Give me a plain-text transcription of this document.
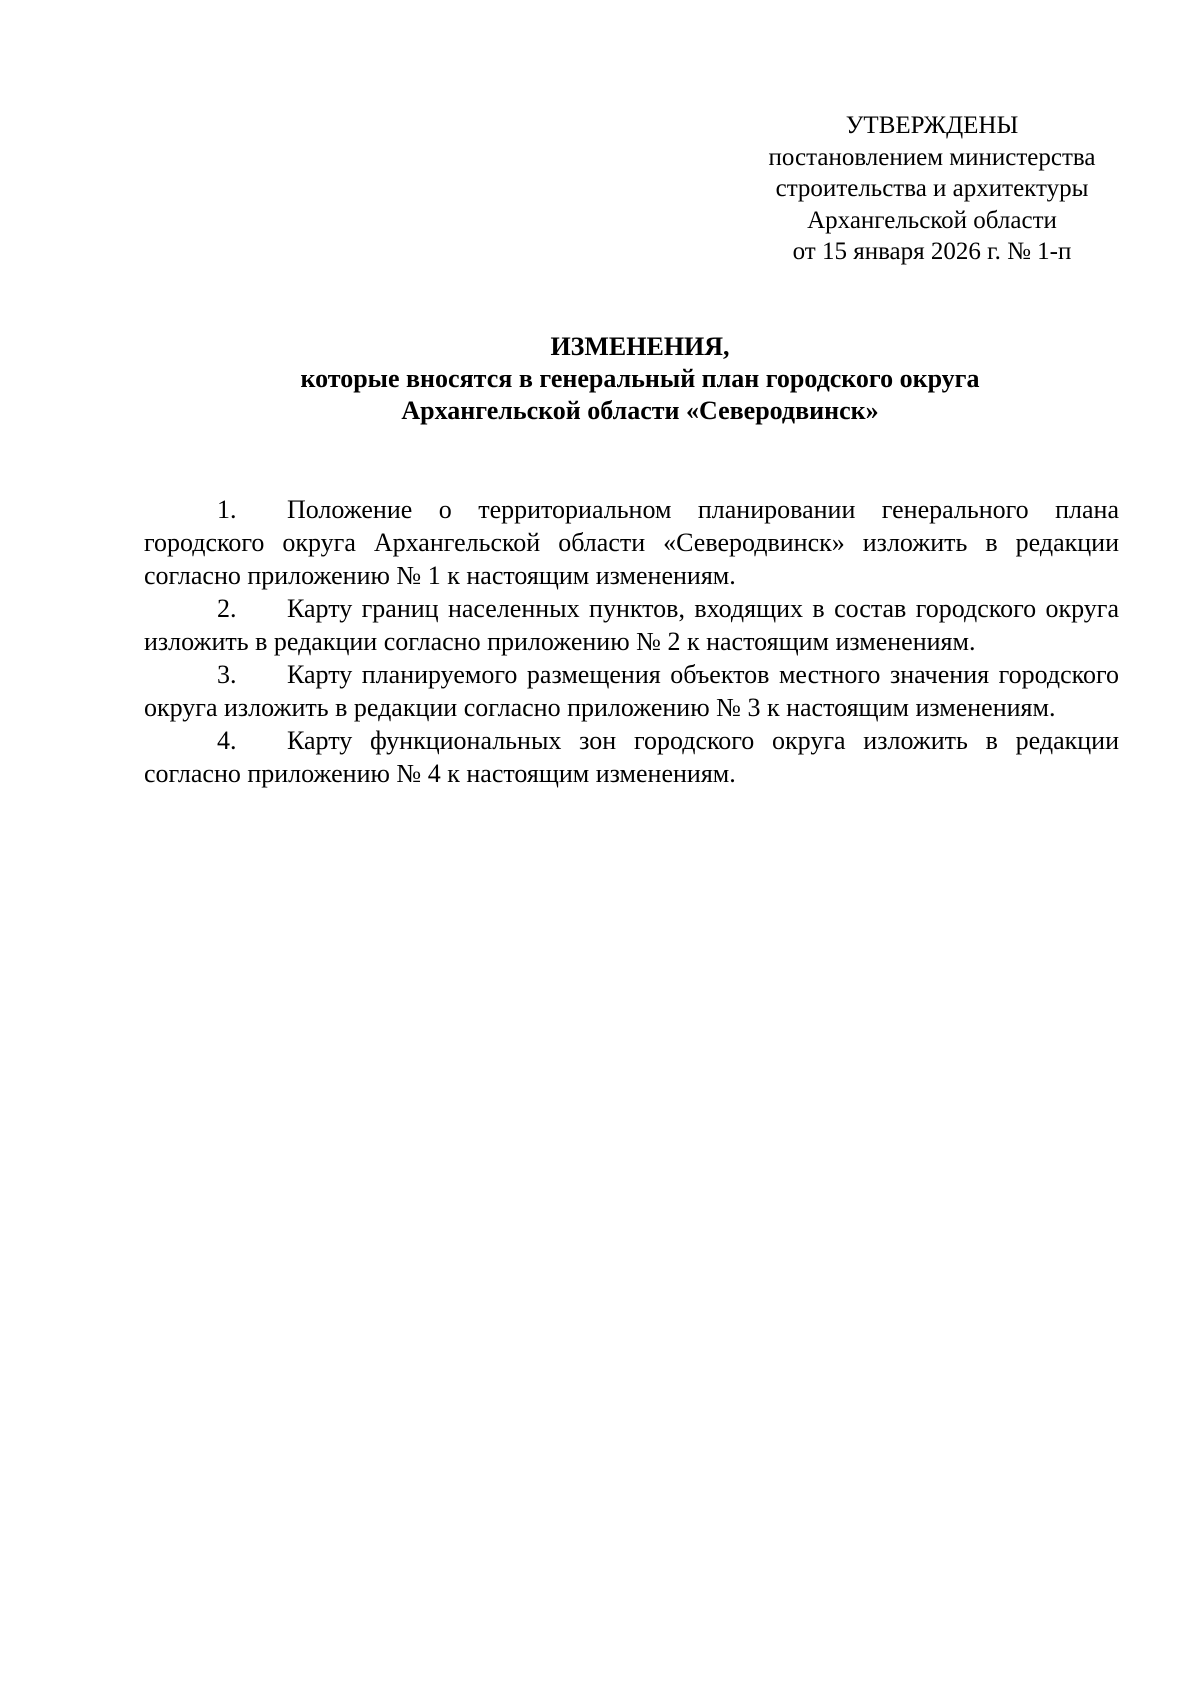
УТВЕРЖДЕНЫ
постановлением министерства
строительства и архитектуры
Архангельской области
от 15 января 2026 г. № 1-п
ИЗМЕНЕНИЯ,
которые вносятся в генеральный план городского округа
Архангельской области «Северодвинск»

1. Положение о территориальном планировании генерального плана городского округа Архангельской области «Северодвинск» изложить в редакции согласно приложению № 1 к настоящим изменениям.

2. Карту границ населенных пунктов, входящих в состав городского округа изложить в редакции согласно приложению № 2 к настоящим изменениям.

3. Карту планируемого размещения объектов местного значения городского округа изложить в редакции согласно приложению № 3 к настоящим изменениям.

4. Карту функциональных зон городского округа изложить в редакции согласно приложению № 4 к настоящим изменениям.
